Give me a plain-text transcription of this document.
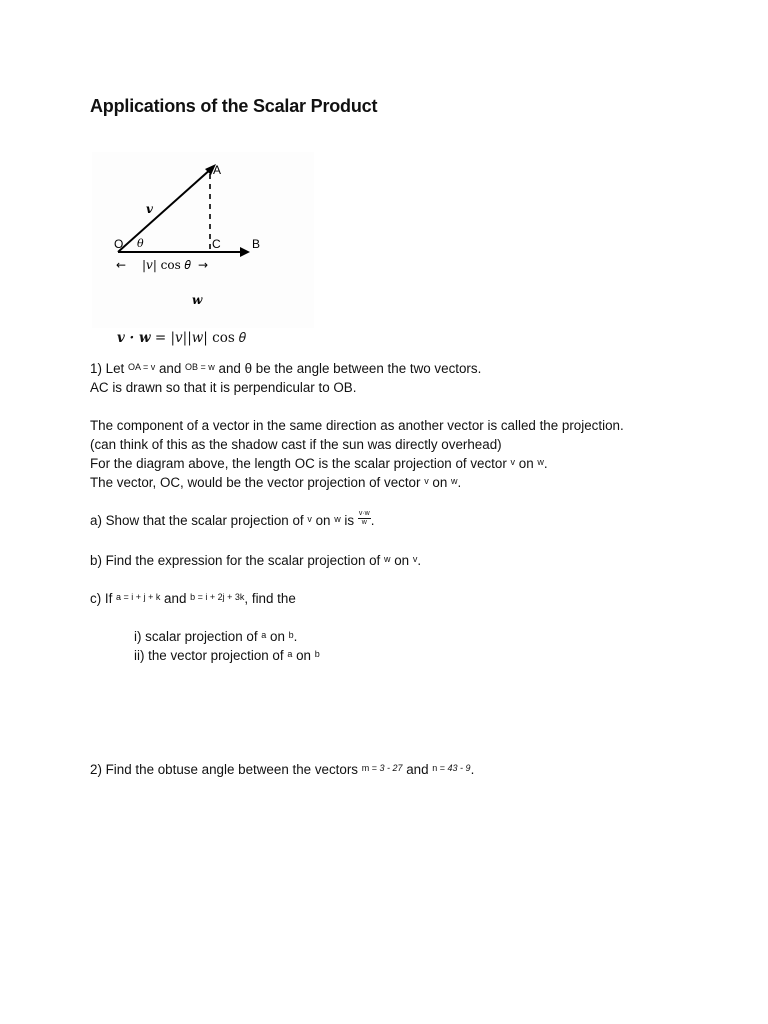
Applications of the Scalar Product
A
O θ	C	B
𝒗
𝒘
← |𝑣| cos 𝜃 →
𝒗 · 𝒘 = |𝑣||𝑤| cos 𝜃
1) Let $^{OA = v}$ and $^{OB = w}$ and θ be the angle between the two vectors.
AC is drawn so that it is perpendicular to OB.
The component of a vector in the same direction as another vector is called the projection.
(can think of this as the shadow cast if the sun was directly overhead)
For the diagram above, the length OC is the scalar projection of vector $^v$ on $^w$.
The vector, OC, would be the vector projection of vector $^v$ on $^w$.
a) Show that the scalar projection of $^v$ on $^w$ is $\frac{v\cdot w}{w}$ .
b) Find the expression for the scalar projection of $^w$ on $^v$.
c) If $^{a = i + j + k}$ and $^{b = i + 2j + 3k}$, find the
i) scalar projection of $^a$ on $^b$.
ii) the vector projection of $^a$ on $^b$
2) Find the obtuse angle between the vectors $^{m =}$ $^{3 - 27}$ and $^{n =}$ $^{43 - 9}$.
